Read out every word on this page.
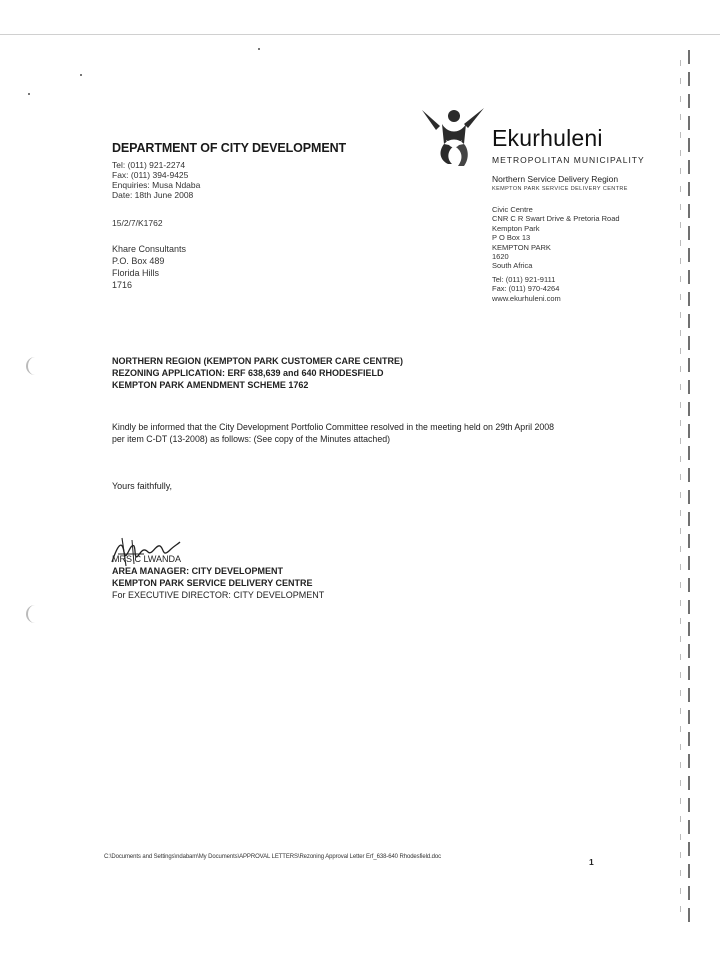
DEPARTMENT OF CITY DEVELOPMENT
Tel: (011) 921-2274
Fax: (011) 394-9425
Enquiries: Musa Ndaba
Date: 18th June 2008
15/2/7/K1762
Khare Consultants
P.O. Box 489
Florida Hills
1716
Ekurhuleni
METROPOLITAN MUNICIPALITY
Northern Service Delivery Region
KEMPTON PARK SERVICE DELIVERY CENTRE
Civic Centre
CNR C R Swart Drive & Pretoria Road
Kempton Park
P O Box 13
KEMPTON PARK
1620
South Africa
Tel: (011) 921-9111
Fax: (011) 970-4264
www.ekurhuleni.com
NORTHERN REGION (KEMPTON PARK CUSTOMER CARE CENTRE)
REZONING APPLICATION: ERF 638,639 and 640 RHODESFIELD
KEMPTON PARK AMENDMENT SCHEME 1762
Kindly be informed that the City Development Portfolio Committee resolved in the meeting held on 29th April 2008
per item C-DT (13-2008) as follows: (See copy of the Minutes attached)
Yours faithfully,
MRS C LWANDA
AREA MANAGER: CITY DEVELOPMENT
KEMPTON PARK SERVICE DELIVERY CENTRE
For EXECUTIVE DIRECTOR: CITY DEVELOPMENT
C:\Documents and Settings\ndabam\My Documents\APPROVAL LETTERS\Rezoning Approval Letter Erf_638-640 Rhodesfield.doc	1
